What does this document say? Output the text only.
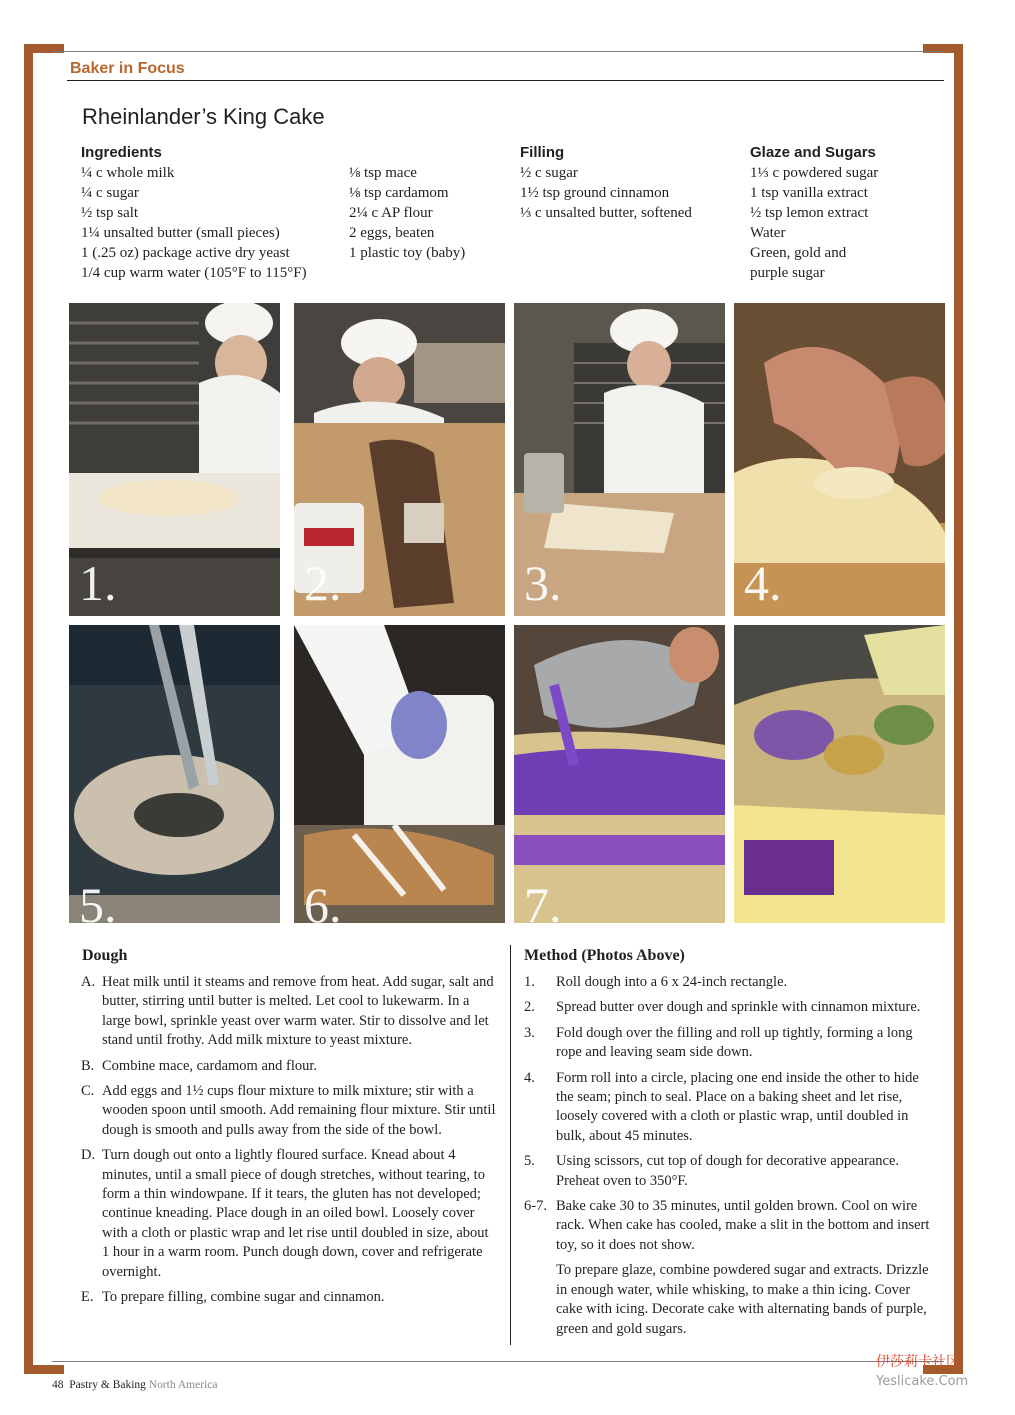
Baker in Focus
Rheinlander’s King Cake
Ingredients
¼ c whole milk
¼ c sugar
½ tsp salt
1¼ unsalted butter (small pieces)
1 (.25 oz) package active dry yeast
1/4 cup warm water (105°F to 115°F)
⅛ tsp mace
⅛ tsp cardamom
2¼ c AP flour
2 eggs, beaten
1 plastic toy (baby)
Filling
½ c sugar
1½ tsp ground cinnamon
⅓ c unsalted butter, softened
Glaze and Sugars
1⅓ c powdered sugar
1 tsp vanilla extract
½ tsp lemon extract
Water
Green, gold and
purple sugar
1.	2.	3.	4.
5.	6.	7.
Dough
A. Heat milk until it steams and remove from heat. Add sugar, salt and butter, stirring until butter is melted. Let cool to lukewarm. In a large bowl, sprinkle yeast over warm water. Stir to dissolve and let stand until frothy. Add milk mixture to yeast mixture.
B. Combine mace, cardamom and flour.
C. Add eggs and 1½ cups flour mixture to milk mixture; stir with a wooden spoon until smooth. Add remaining flour mixture. Stir until dough is smooth and pulls away from the side of the bowl.
D. Turn dough out onto a lightly floured surface. Knead about 4 minutes, until a small piece of dough stretches, without tearing, to form a thin windowpane. If it tears, the gluten has not developed; continue kneading. Place dough in an oiled bowl. Loosely cover with a cloth or plastic wrap and let rise until doubled in size, about 1 hour in a warm room. Punch dough down, cover and refrigerate overnight.
E. To prepare filling, combine sugar and cinnamon.
Method (Photos Above)
1.	Roll dough into a 6 x 24-inch rectangle.
2.	Spread butter over dough and sprinkle with cinnamon mixture.
3.	Fold dough over the filling and roll up tightly, forming a long rope and leaving seam side down.
4.	Form roll into a circle, placing one end inside the other to hide the seam; pinch to seal. Place on a baking sheet and let rise, loosely covered with a cloth or plastic wrap, until doubled in bulk, about 45 minutes.
5.	Using scissors, cut top of dough for decorative appearance. Preheat oven to 350°F.
6-7. Bake cake 30 to 35 minutes, until golden brown. Cool on wire rack. When cake has cooled, make a slit in the bottom and insert toy, so it does not show.
To prepare glaze, combine powdered sugar and extracts. Drizzle in enough water, while whisking, to make a thin icing. Cover cake with icing. Decorate cake with alternating bands of purple, green and gold sugars.
48 Pastry & Baking North America
伊莎莉卡社区
Yeslicake.Com
